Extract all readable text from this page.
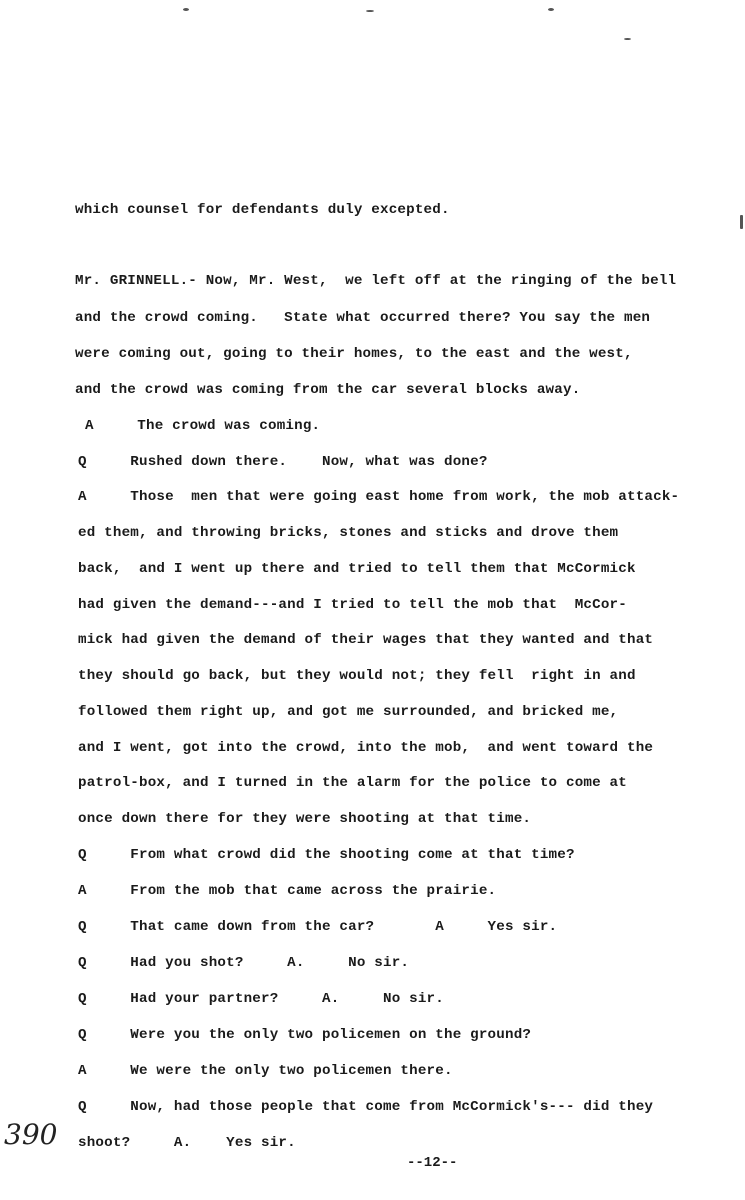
which counsel for defendants duly excepted.
Mr. GRINNELL.- Now, Mr. West,  we left off at the ringing of the bell
and the crowd coming.   State what occurred there? You say the men
were coming out, going to their homes, to the east and the west,
and the crowd was coming from the car several blocks away.
A     The crowd was coming.
Q     Rushed down there.    Now, what was done?
A     Those  men that were going east home from work, the mob attack-
ed them, and throwing bricks, stones and sticks and drove them
back,  and I went up there and tried to tell them that McCormick
had given the demand---and I tried to tell the mob that  McCor-
mick had given the demand of their wages that they wanted and that
they should go back, but they would not; they fell  right in and
followed them right up, and got me surrounded, and bricked me,
and I went, got into the crowd, into the mob,  and went toward the
patrol-box, and I turned in the alarm for the police to come at
once down there for they were shooting at that time.
Q     From what crowd did the shooting come at that time?
A     From the mob that came across the prairie.
Q     That came down from the car?       A     Yes sir.
Q     Had you shot?     A.     No sir.
Q     Had your partner?     A.     No sir.
Q     Were you the only two policemen on the ground?
A     We were the only two policemen there.
Q     Now, had those people that come from McCormick's--- did they
shoot?     A.    Yes sir.
--12--
390
